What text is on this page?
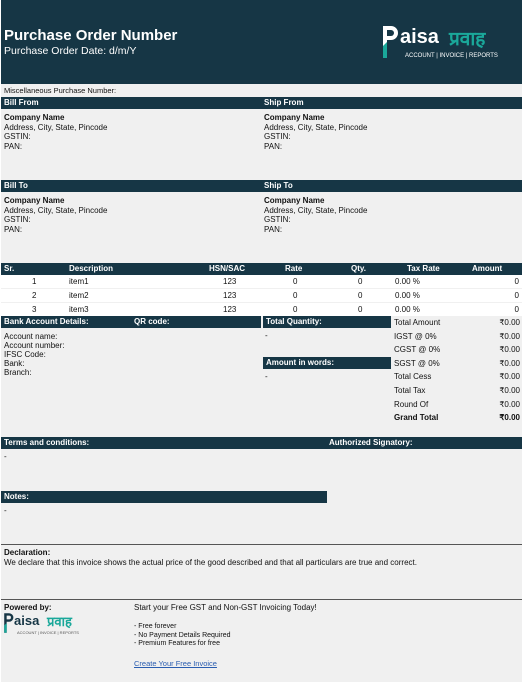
Purchase Order Number
Purchase Order Date: d/m/Y
aisa प्रवाह
ACCOUNT | INVOICE | REPORTS
Miscellaneous Purchase Number:
Bill From	Ship From
Company Name
Address, City, State, Pincode
GSTIN:
PAN:
Company Name
Address, City, State, Pincode
GSTIN:
PAN:
Bill To	Ship To
Company Name
Address, City, State, Pincode
GSTIN:
PAN:
Company Name
Address, City, State, Pincode
GSTIN:
PAN:
Sr.	Description	HSN/SAC	Rate	Qty.	Tax Rate	Amount
1	item1	123	0	0	0.00 %	0
2	item2	123	0	0	0.00 %	0
3	item3	123	0	0	0.00 %	0
Bank Account Details:	QR code:
Account name:
Account number:
IFSC Code:
Bank:
Branch:
Total Quantity:
-
Amount in words:
-
Total Amount	₹0.00
IGST @ 0%	₹0.00
CGST @ 0%	₹0.00
SGST @ 0%	₹0.00
Total Cess	₹0.00
Total Tax	₹0.00
Round Of	₹0.00
Grand Total	₹0.00
Terms and conditions:	Authorized Signatory:
-
Notes:
-
Declaration:
We declare that this invoice shows the actual price of the good described and that all particulars are true and correct.
Powered by:
aisa प्रवाह
ACCOUNT | INVOICE | REPORTS
Start your Free GST and Non-GST Invoicing Today!
- Free forever
- No Payment Details Required
- Premium Features for free
Create Your Free Invoice
